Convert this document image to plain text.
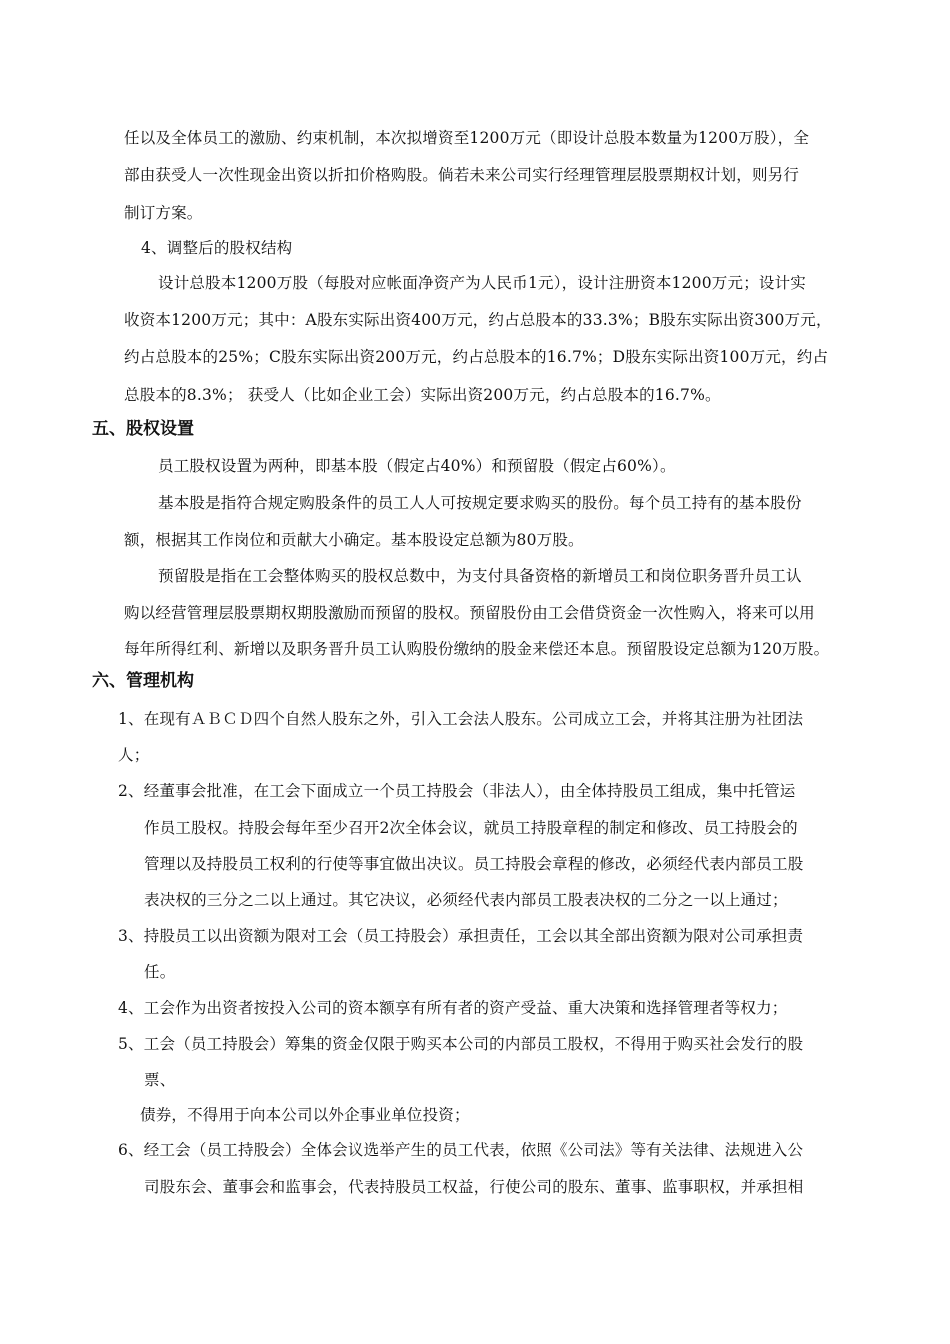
任以及全体员工的激励、约束机制，本次拟增资至1200万元（即设计总股本数量为1200万股），全
部由获受人一次性现金出资以折扣价格购股。倘若未来公司实行经理管理层股票期权计划，则另行
制订方案。
4、调整后的股权结构
设计总股本1200万股（每股对应帐面净资产为人民币1元），设计注册资本1200万元；设计实
收资本1200万元；其中：A股东实际出资400万元，约占总股本的33.3%；B股东实际出资300万元，
约占总股本的25%；C股东实际出资200万元，约占总股本的16.7%；D股东实际出资100万元，约占
总股本的8.3%； 获受人（比如企业工会）实际出资200万元，约占总股本的16.7%。
五、股权设置
员工股权设置为两种，即基本股（假定占40%）和预留股（假定占60%）。
基本股是指符合规定购股条件的员工人人可按规定要求购买的股份。每个员工持有的基本股份
额，根据其工作岗位和贡献大小确定。基本股设定总额为80万股。
预留股是指在工会整体购买的股权总数中，为支付具备资格的新增员工和岗位职务晋升员工认
购以经营管理层股票期权期股激励而预留的股权。预留股份由工会借贷资金一次性购入，将来可以用
每年所得红利、新增以及职务晋升员工认购股份缴纳的股金来偿还本息。预留股设定总额为120万股。
六、管理机构
1、在现有ＡＢＣＤ四个自然人股东之外，引入工会法人股东。公司成立工会，并将其注册为社团法
人；
2、经董事会批准，在工会下面成立一个员工持股会（非法人），由全体持股员工组成，集中托管运
作员工股权。持股会每年至少召开2次全体会议，就员工持股章程的制定和修改、员工持股会的
管理以及持股员工权利的行使等事宜做出决议。员工持股会章程的修改，必须经代表内部员工股
表决权的三分之二以上通过。其它决议，必须经代表内部员工股表决权的二分之一以上通过；
3、持股员工以出资额为限对工会（员工持股会）承担责任，工会以其全部出资额为限对公司承担责
任。
4、工会作为出资者按投入公司的资本额享有所有者的资产受益、重大决策和选择管理者等权力；
5、工会（员工持股会）筹集的资金仅限于购买本公司的内部员工股权，不得用于购买社会发行的股
票、
债券，不得用于向本公司以外企事业单位投资；
6、经工会（员工持股会）全体会议选举产生的员工代表，依照《公司法》等有关法律、法规进入公
司股东会、董事会和监事会，代表持股员工权益，行使公司的股东、董事、监事职权，并承担相
